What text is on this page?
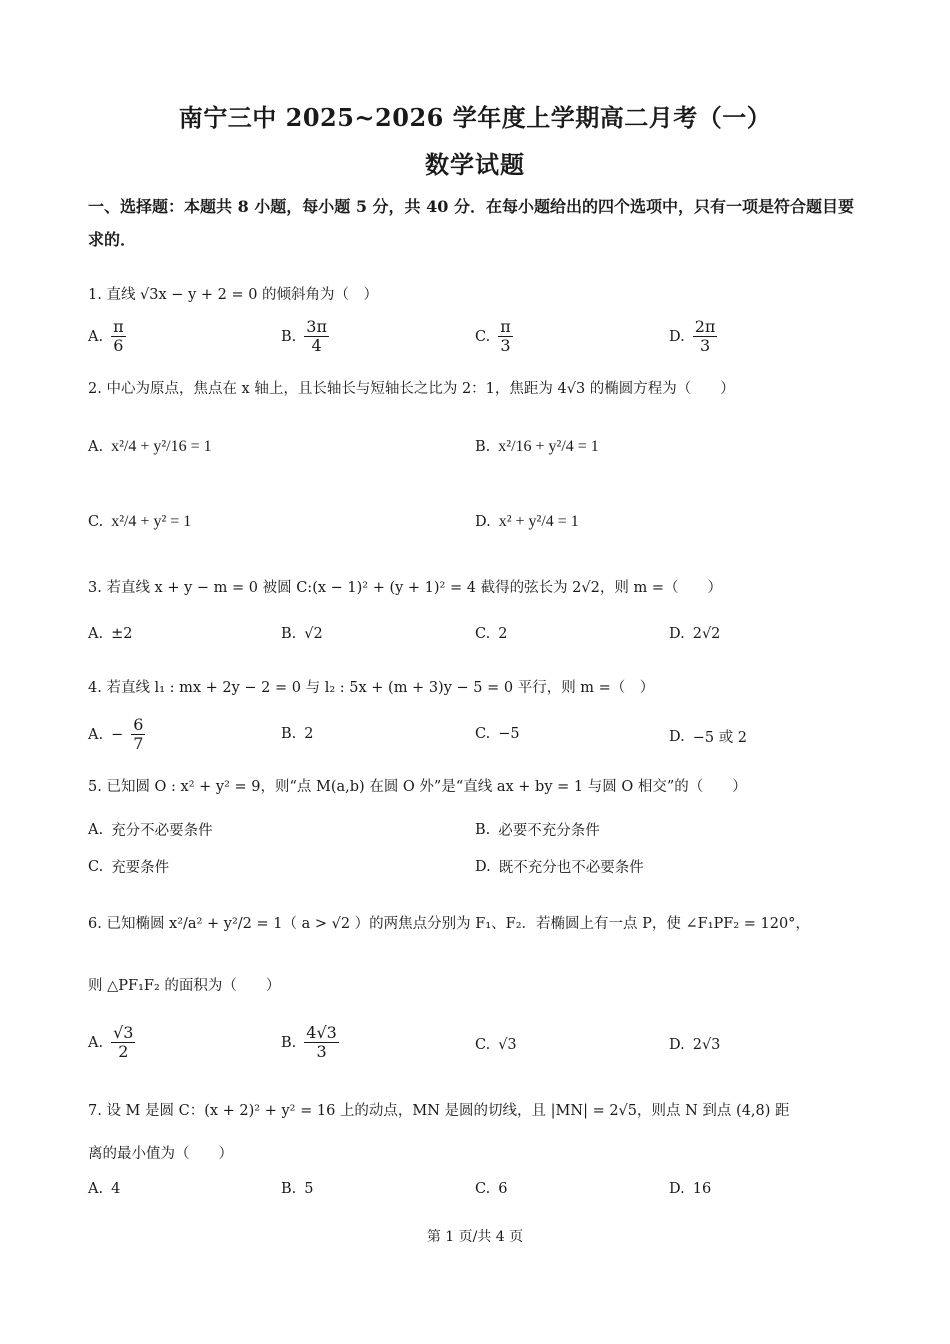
南宁三中 2025~2026 学年度上学期高二月考（一）
数学试题
一、选择题：本题共 8 小题，每小题 5 分，共 40 分．在每小题给出的四个选项中，只有一项是符合题目要求的．
1. 直线 √3x − y + 2 = 0 的倾斜角为（　）
A. $\frac{\pi}{6}$	B. $\frac{3\pi}{4}$	C. $\frac{\pi}{3}$	D. $\frac{2\pi}{3}$
2. 中心为原点，焦点在 x 轴上，且长轴长与短轴长之比为 2：1，焦距为 4√3 的椭圆方程为（　　）
A. x²/4 + y²/16 = 1	B. x²/16 + y²/4 = 1
C. x²/4 + y² = 1	D. x² + y²/4 = 1
3. 若直线 x + y − m = 0 被圆 C:(x − 1)² + (y + 1)² = 4 截得的弦长为 2√2，则 m =（　　）
A. ±2	B. √2	C. 2	D. 2√2
4. 若直线 l₁ : mx + 2y − 2 = 0 与 l₂ : 5x + (m + 3)y − 5 = 0 平行，则 m =（　）
A. − $\frac{6}{7}$	B. 2	C. −5	D. −5 或 2
5. 已知圆 O : x² + y² = 9，则“点 M(a,b) 在圆 O 外”是“直线 ax + by = 1 与圆 O 相交”的（　　）
A. 充分不必要条件	B. 必要不充分条件
C. 充要条件	D. 既不充分也不必要条件
6. 已知椭圆 x²/a² + y²/2 = 1（ a > √2 ）的两焦点分别为 F₁、F₂．若椭圆上有一点 P，使 ∠F₁PF₂ = 120°，
则 △PF₁F₂ 的面积为（　　）
A. $\frac{√3}{2}$	B. $\frac{4√3}{3}$	C. √3	D. 2√3
7. 设 M 是圆 C：(x + 2)² + y² = 16 上的动点，MN 是圆的切线，且 |MN| = 2√5，则点 N 到点 (4,8) 距
离的最小值为（　　）
A. 4	B. 5	C. 6	D. 16
第 1 页/共 4 页
